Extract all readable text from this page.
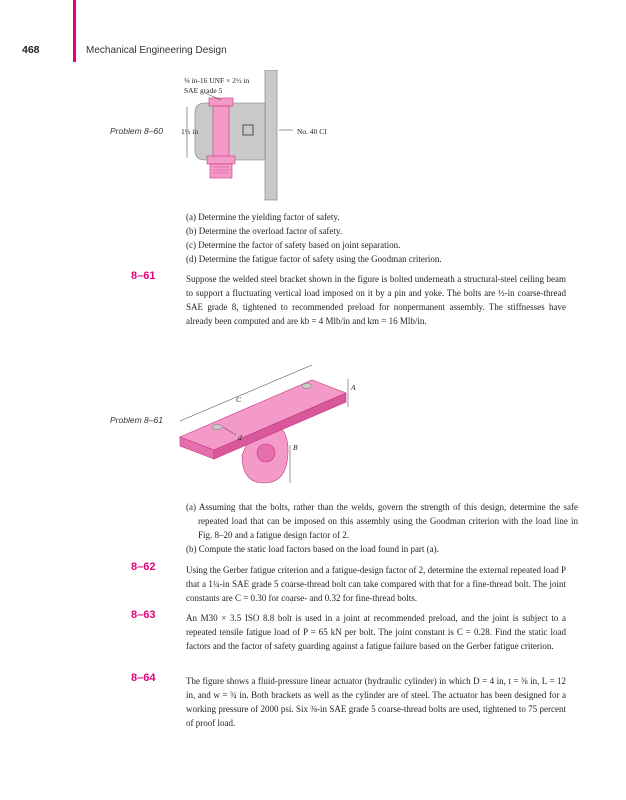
468	Mechanical Engineering Design
⅜ in-16 UNF × 2½ in
SAE grade 5
1½ in	No. 40 CI
Problem 8–60
(a) Determine the yielding factor of safety.
(b) Determine the overload factor of safety.
(c) Determine the factor of safety based on joint separation.
(d) Determine the fatigue factor of safety using the Goodman criterion.
8–61	Suppose the welded steel bracket shown in the figure is bolted underneath a structural-steel ceiling beam to support a fluctuating vertical load imposed on it by a pin and yoke. The bolts are ½-in coarse-thread SAE grade 8, tightened to recommended preload for nonpermanent assembly. The stiffnesses have already been computed and are kb = 4 Mlb/in and km = 16 Mlb/in.
A
B
C
d
Problem 8–61
(a) Assuming that the bolts, rather than the welds, govern the strength of this design, determine the safe repeated load that can be imposed on this assembly using the Goodman criterion with the load line in Fig. 8–20 and a fatigue design factor of 2.
(b) Compute the static load factors based on the load found in part (a).
8–62	Using the Gerber fatigue criterion and a fatigue-design factor of 2, determine the external repeated load P that a 1¼-in SAE grade 5 coarse-thread bolt can take compared with that for a fine-thread bolt. The joint constants are C = 0.30 for coarse- and 0.32 for fine-thread bolts.
8–63	An M30 × 3.5 ISO 8.8 bolt is used in a joint at recommended preload, and the joint is subject to a repeated tensile fatigue load of P = 65 kN per bolt. The joint constant is C = 0.28. Find the static load factors and the factor of safety guarding against a fatigue failure based on the Gerber fatigue criterion.
8–64	The figure shows a fluid-pressure linear actuator (hydraulic cylinder) in which D = 4 in, t = ⅜ in, L = 12 in, and w = ¾ in. Both brackets as well as the cylinder are of steel. The actuator has been designed for a working pressure of 2000 psi. Six ⅜-in SAE grade 5 coarse-thread bolts are used, tightened to 75 percent of proof load.
